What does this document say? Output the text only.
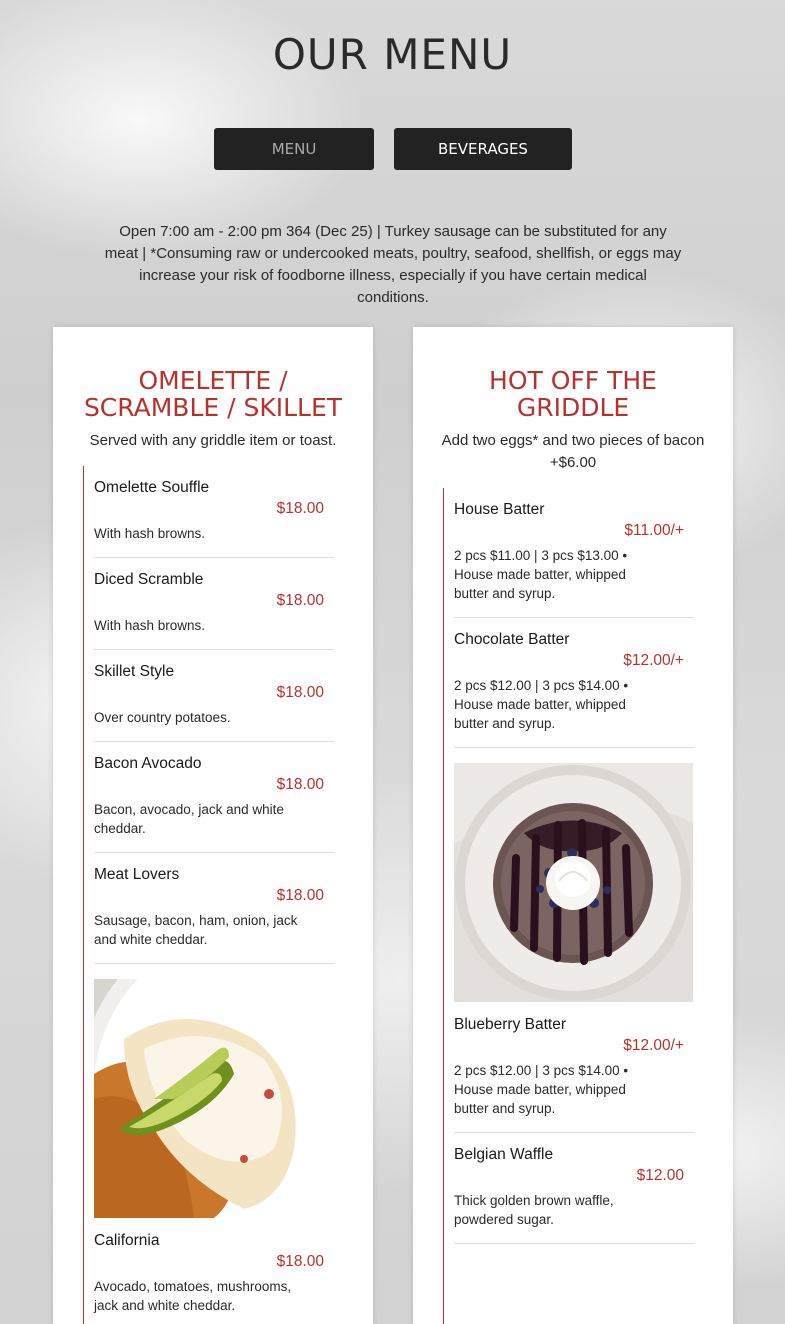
OUR MENU
MENU	BEVERAGES

Open 7:00 am - 2:00 pm 364 (Dec 25) | Turkey sausage can be substituted for any meat | *Consuming raw or undercooked meats, poultry, seafood, shellfish, or eggs may increase your risk of foodborne illness, especially if you have certain medical conditions.

OMELETTE / SCRAMBLE / SKILLET

Served with any griddle item or toast.

Omelette Souffle
$18.00
With hash browns.
Diced Scramble
$18.00
With hash browns.
Skillet Style
$18.00
Over country potatoes.
Bacon Avocado
$18.00
Bacon, avocado, jack and white cheddar.
Meat Lovers
$18.00
Sausage, bacon, ham, onion, jack and white cheddar.
California
$18.00
Avocado, tomatoes, mushrooms, jack and white cheddar.
HOT OFF THE GRIDDLE

Add two eggs* and two pieces of bacon +$6.00

House Batter
$11.00/+
2 pcs $11.00 | 3 pcs $13.00 • House made batter, whipped butter and syrup.
Chocolate Batter
$12.00/+
2 pcs $12.00 | 3 pcs $14.00 • House made batter, whipped butter and syrup.
Blueberry Batter
$12.00/+
2 pcs $12.00 | 3 pcs $14.00 • House made batter, whipped butter and syrup.
Belgian Waffle
$12.00
Thick golden brown waffle, powdered sugar.
